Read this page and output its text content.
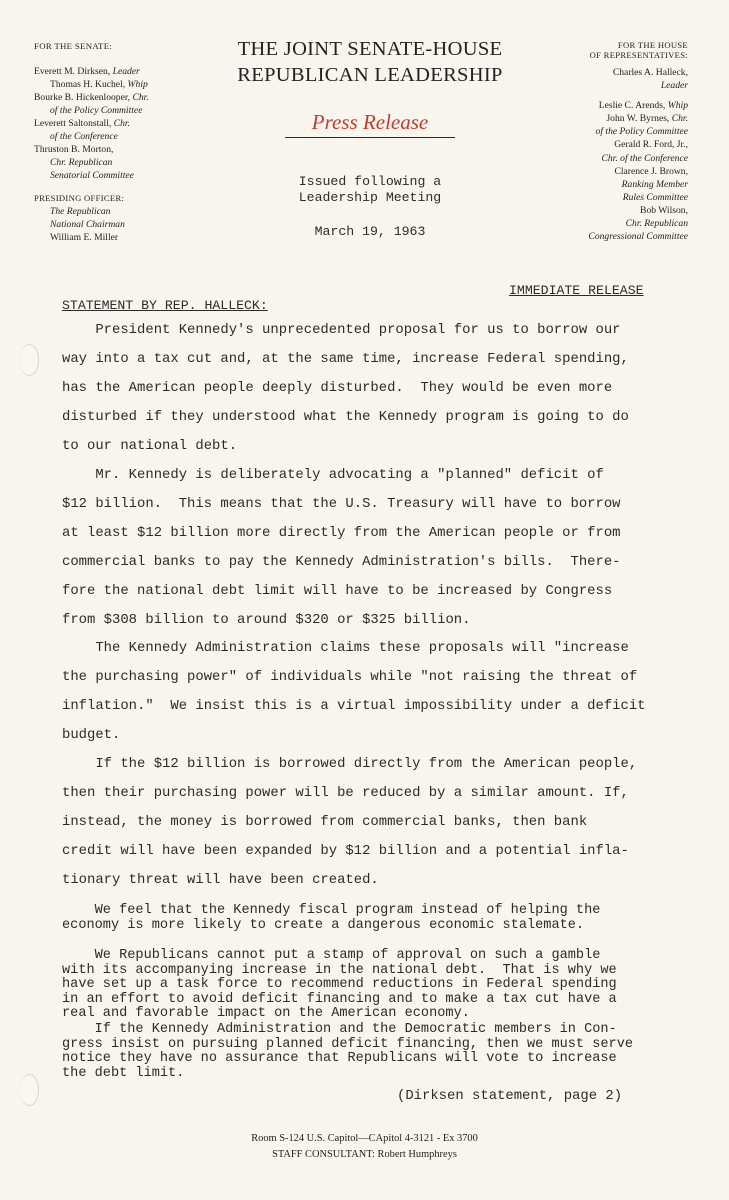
FOR THE SENATE:
Everett M. Dirksen, Leader
Thomas H. Kuchel, Whip
Bourke B. Hickenlooper, Chr.
of the Policy Committee
Leverett Saltonstall, Chr.
of the Conference
Thruston B. Morton,
Chr. Republican
Senatorial Committee
PRESIDING OFFICER:
The Republican
National Chairman
William E. Miller
THE JOINT SENATE-HOUSE
REPUBLICAN LEADERSHIP
Press Release
Issued following a
Leadership Meeting
March 19, 1963
FOR THE HOUSE
OF REPRESENTATIVES:
Charles A. Halleck,
Leader
Leslie C. Arends, Whip
John W. Byrnes, Chr.
of the Policy Committee
Gerald R. Ford, Jr.,
Chr. of the Conference
Clarence J. Brown,
Ranking Member
Rules Committee
Bob Wilson,
Chr. Republican
Congressional Committee
IMMEDIATE RELEASE
STATEMENT BY REP. HALLECK:
President Kennedy's unprecedented proposal for us to borrow our
way into a tax cut and, at the same time, increase Federal spending,
has the American people deeply disturbed.  They would be even more
disturbed if they understood what the Kennedy program is going to do
to our national debt.
Mr. Kennedy is deliberately advocating a "planned" deficit of
$12 billion.  This means that the U.S. Treasury will have to borrow
at least $12 billion more directly from the American people or from
commercial banks to pay the Kennedy Administration's bills.  There-
fore the national debt limit will have to be increased by Congress
from $308 billion to around $320 or $325 billion.
The Kennedy Administration claims these proposals will "increase
the purchasing power" of individuals while "not raising the threat of
inflation."  We insist this is a virtual impossibility under a deficit
budget.
If the $12 billion is borrowed directly from the American people,
then their purchasing power will be reduced by a similar amount. If,
instead, the money is borrowed from commercial banks, then bank
credit will have been expanded by $12 billion and a potential infla-
tionary threat will have been created.
We feel that the Kennedy fiscal program instead of helping the
economy is more likely to create a dangerous economic stalemate.
We Republicans cannot put a stamp of approval on such a gamble
with its accompanying increase in the national debt.  That is why we
have set up a task force to recommend reductions in Federal spending
in an effort to avoid deficit financing and to make a tax cut have a
real and favorable impact on the American economy.
If the Kennedy Administration and the Democratic members in Con-
gress insist on pursuing planned deficit financing, then we must serve
notice they have no assurance that Republicans will vote to increase
the debt limit.
(Dirksen statement, page 2)
Room S-124 U.S. Capitol—CApitol 4-3121 - Ex 3700
STAFF CONSULTANT: Robert Humphreys
